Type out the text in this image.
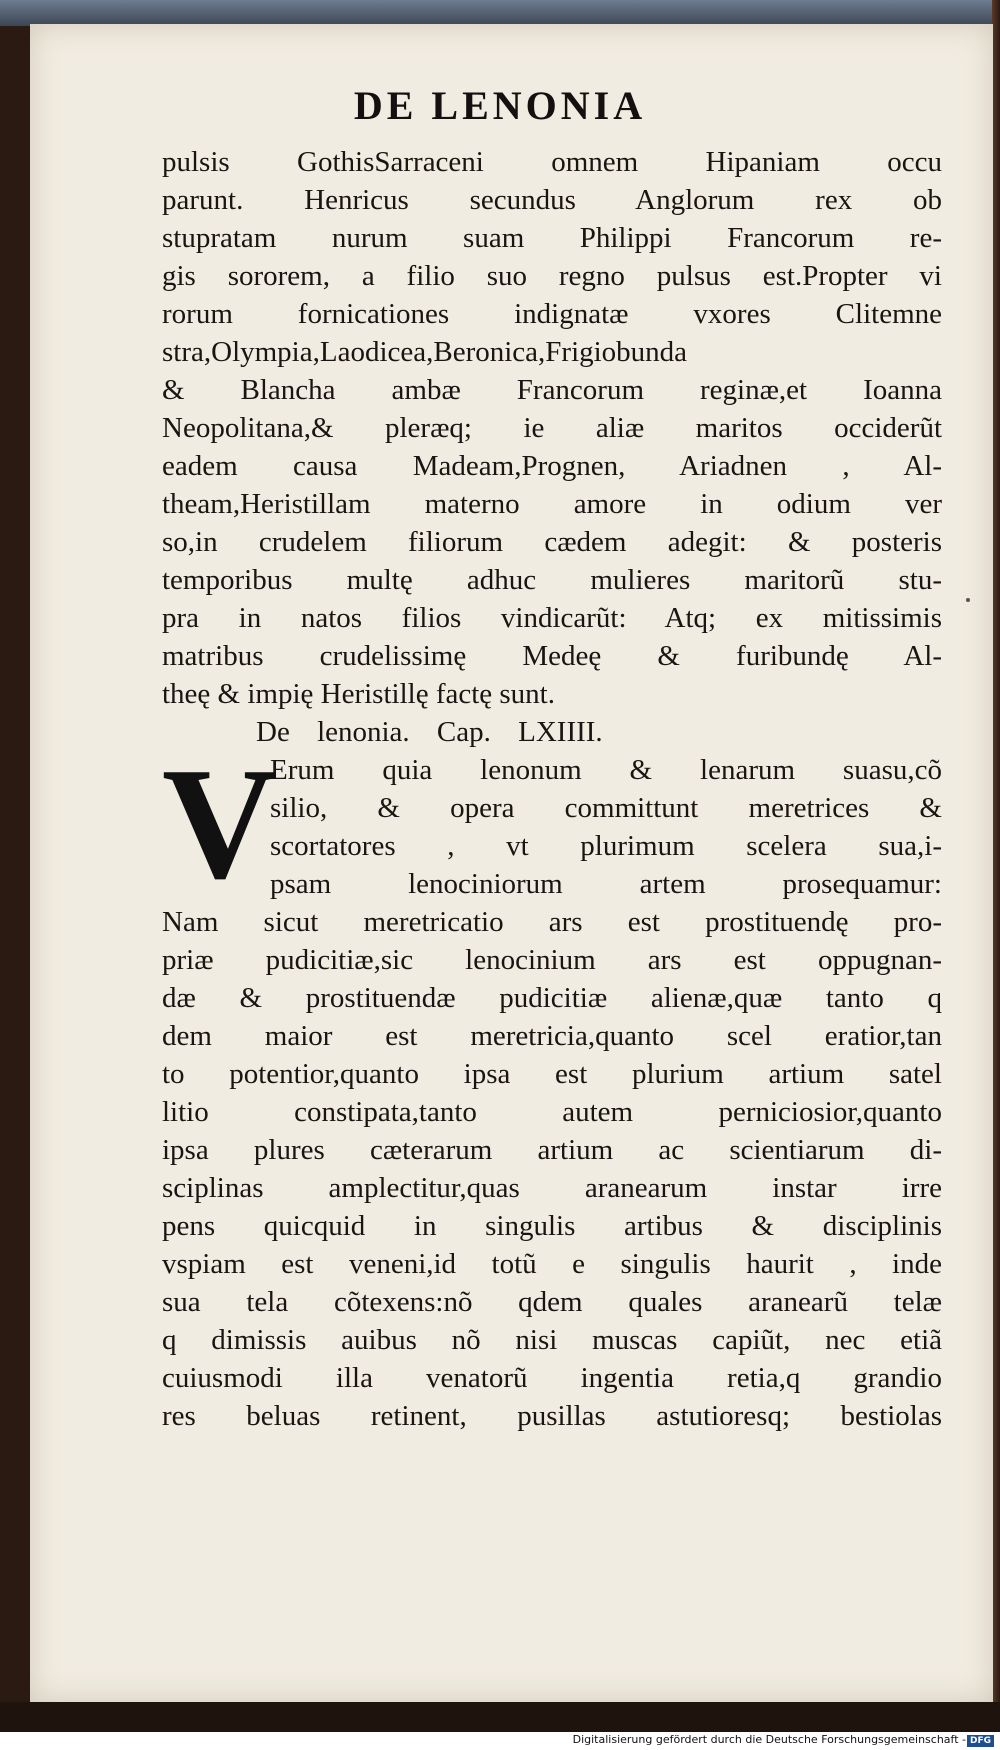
DE LENONIA
pulsis GothisSarraceni omnem Hipaniam occu
parunt. Henricus secundus Anglorum rex ob
stupratam nurum suam Philippi Francorum re-
gis sororem, a filio suo regno pulsus est.Propter vi
rorum fornicationes indignatæ vxores Clitemne
stra,Olympia,Laodicea,Beronica,Frigiobunda
& Blancha ambæ Francorum reginæ,et Ioanna
Neopolitana,& pleræq; ie aliæ maritos occiderũt
eadem causa Madeam,Prognen, Ariadnen , Al-
theam,Heristillam materno amore in odium ver
so,in crudelem filiorum cædem adegit: & posteris
temporibus multę adhuc mulieres maritorũ stu-
pra in natos filios vindicarũt: Atq; ex mitissimis
matribus crudelissimę Medeę & furibundę Al-
theę & impię Heristillę factę sunt.
De lenonia. Cap. LXIIII.
V
Erum quia lenonum & lenarum suasu,cõ
silio, & opera committunt meretrices &
scortatores , vt plurimum scelera sua,i-
psam lenociniorum artem prosequamur:
Nam sicut meretricatio ars est prostituendę pro-
priæ pudicitiæ,sic lenocinium ars est oppugnan-
dæ & prostituendæ pudicitiæ alienæ,quæ tanto q
dem maior est meretricia,quanto scel eratior,tan
to potentior,quanto ipsa est plurium artium satel
litio constipata,tanto autem perniciosior,quanto
ipsa plures cæterarum artium ac scientiarum di-
sciplinas amplectitur,quas aranearum instar irre
pens quicquid in singulis artibus & disciplinis
vspiam est veneni,id totũ e singulis haurit , inde
sua tela cõtexens:nõ qdem quales aranearũ telæ
q dimissis auibus nõ nisi muscas capiũt, nec etiã
cuiusmodi illa venatorũ ingentia retia,q grandio
res beluas retinent, pusillas astutioresq; bestiolas
Digitalisierung gefördert durch die Deutsche Forschungsgemeinschaft - DFG
